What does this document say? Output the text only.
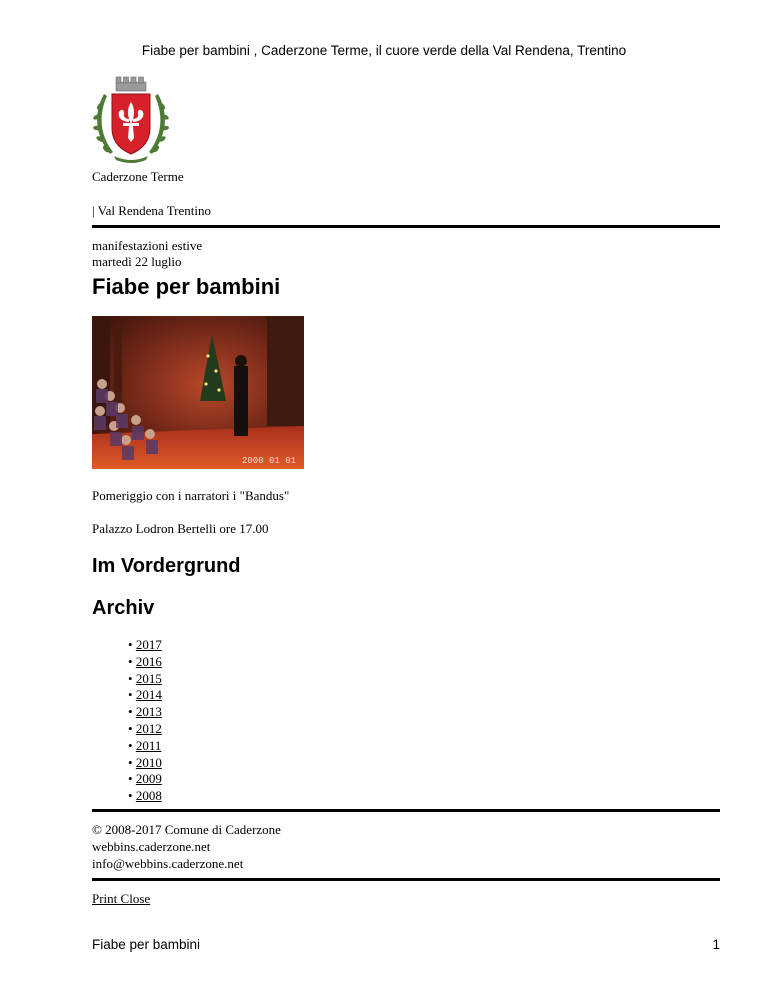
Fiabe per bambini , Caderzone Terme, il cuore verde della Val Rendena, Trentino
Caderzone Terme
| Val Rendena Trentino
manifestazioni estive
martedì 22 luglio
Fiabe per bambini
2000 01 01
Pomeriggio con i narratori i "Bandus"
Palazzo Lodron Bertelli ore 17.00
Im Vordergrund
Archiv
• 2017
• 2016
• 2015
• 2014
• 2013
• 2012
• 2011
• 2010
• 2009
• 2008
© 2008-2017 Comune di Caderzone
webbins.caderzone.net
info@webbins.caderzone.net
Print Close
Fiabe per bambini	1
